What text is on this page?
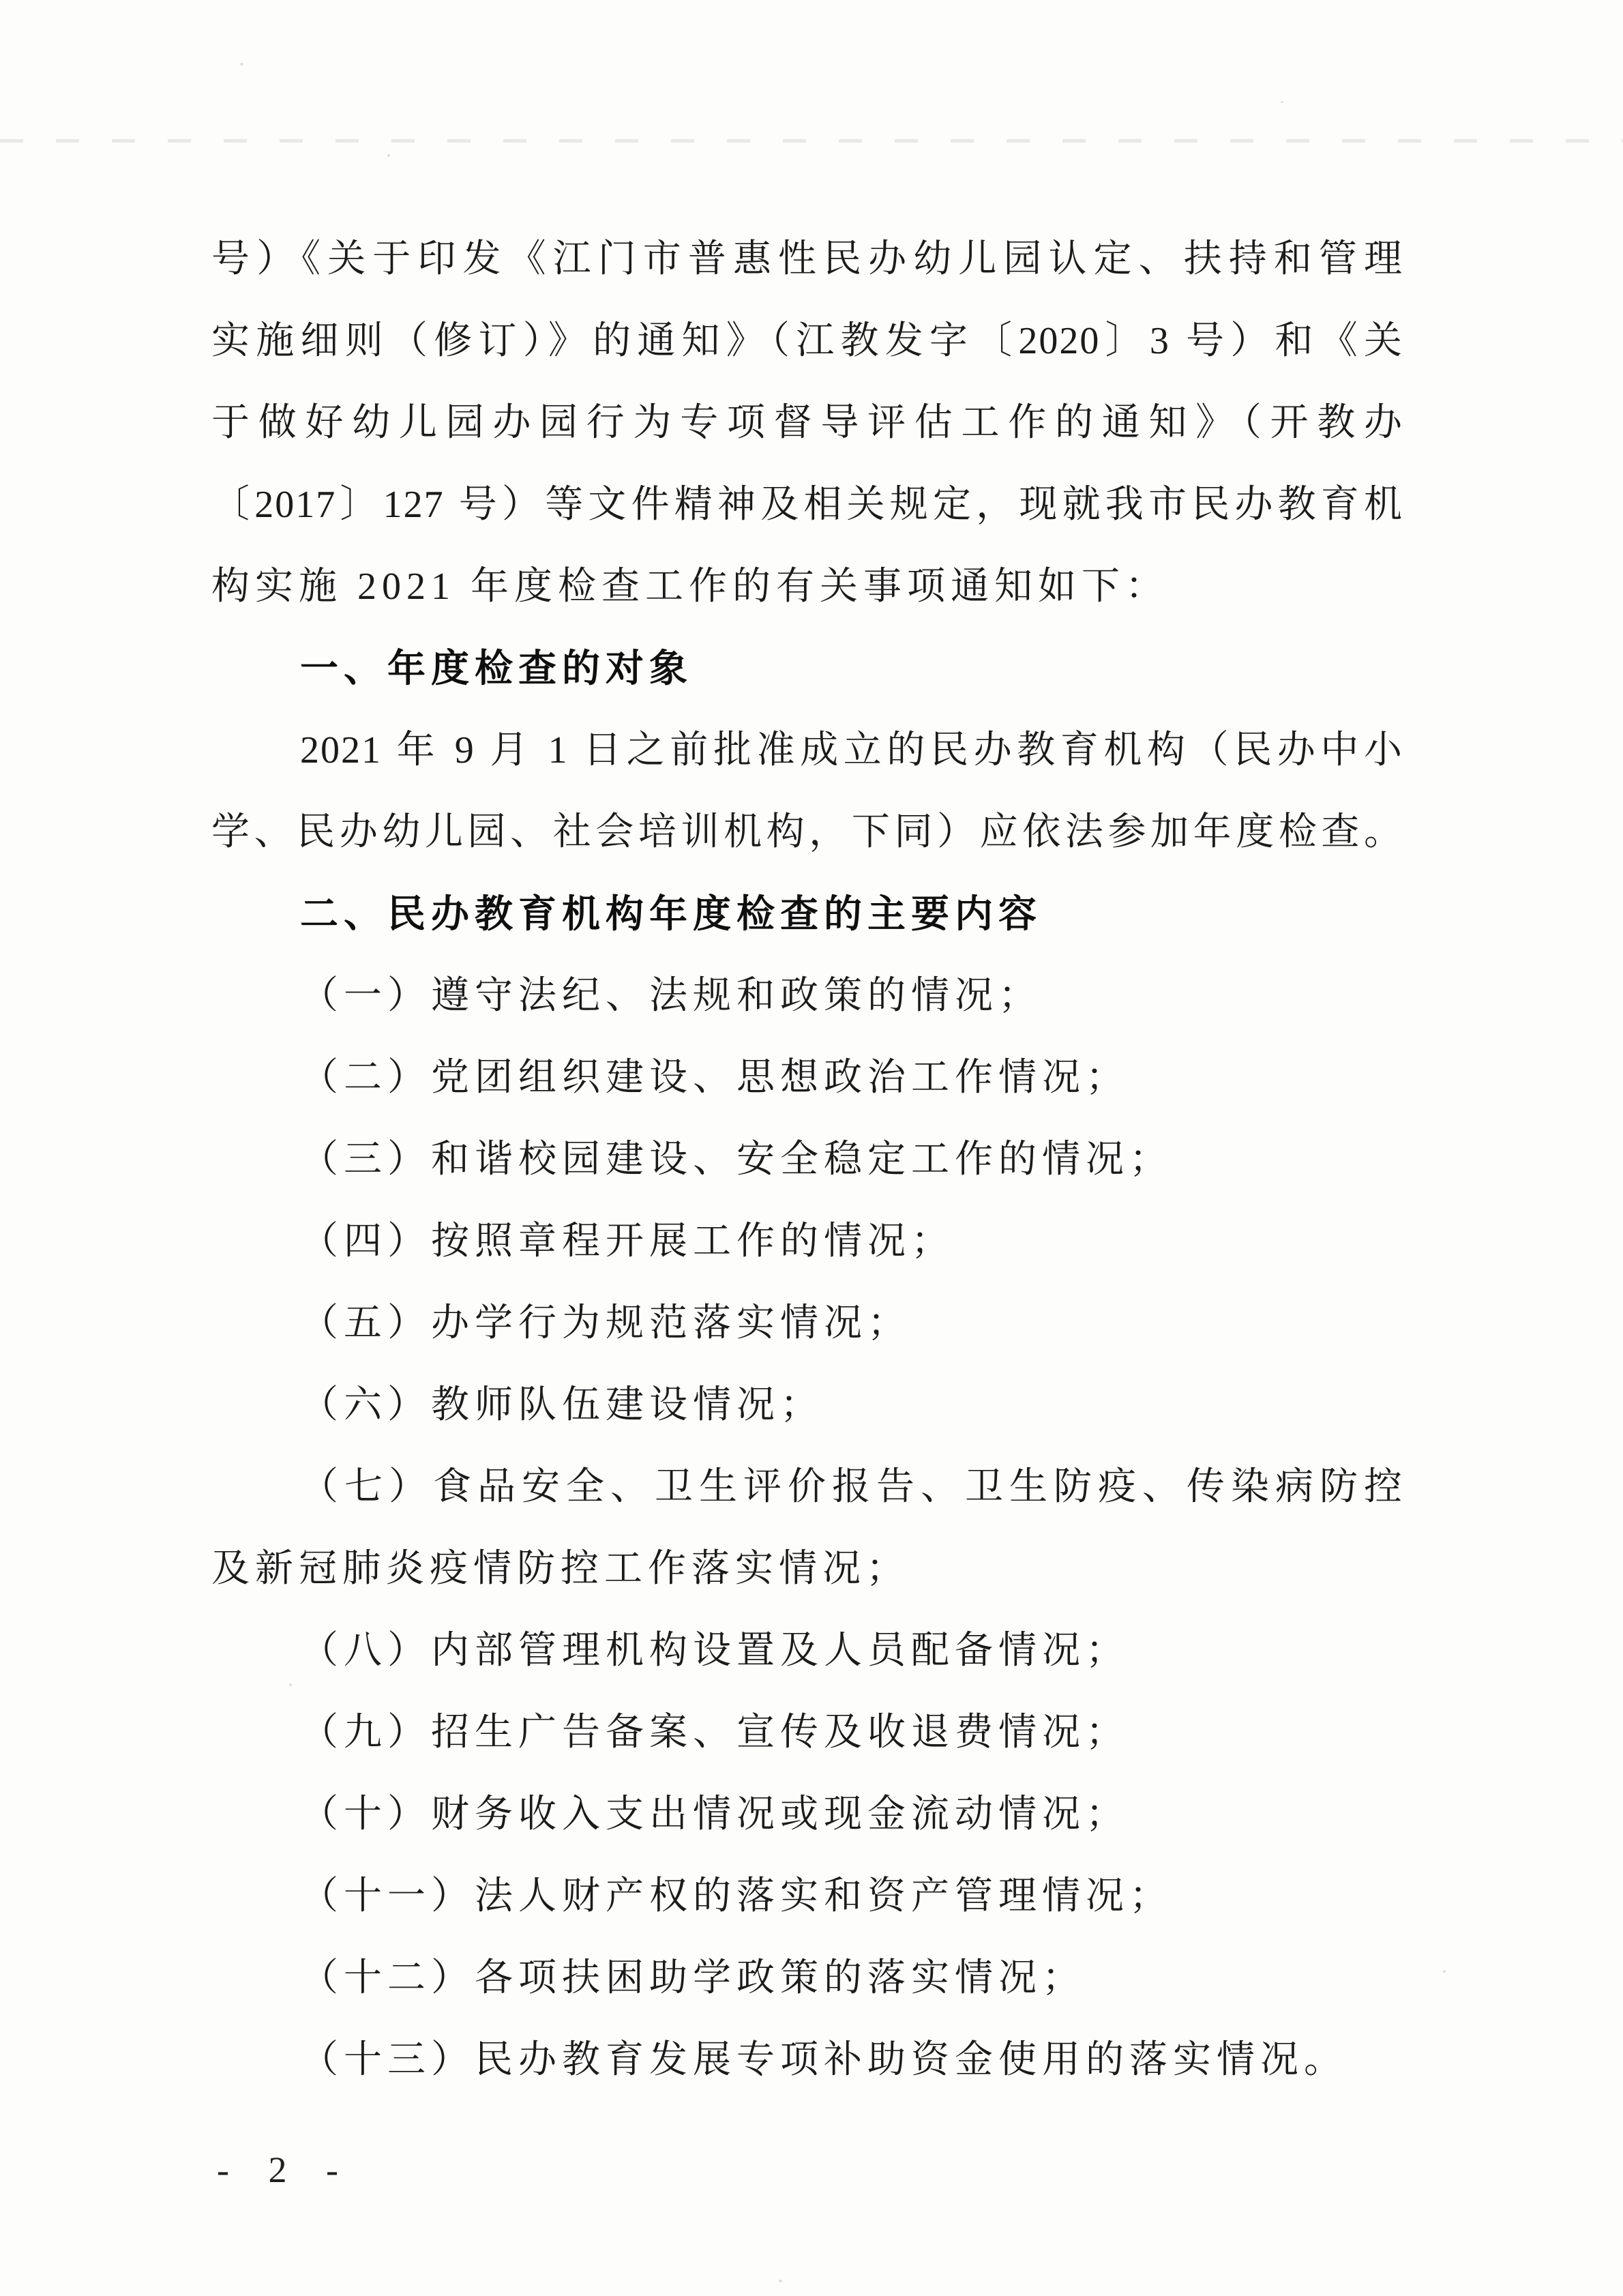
号）《关于印发《江门市普惠性民办幼儿园认定、扶持和管理
实施细则（修订）》的通知》（江教发字〔2020〕3 号）和《关
于做好幼儿园办园行为专项督导评估工作的通知》（开教办
〔2017〕127 号）等文件精神及相关规定，现就我市民办教育机
构实施 2021 年度检查工作的有关事项通知如下：
一、年度检查的对象
2021 年 9 月 1 日之前批准成立的民办教育机构（民办中小
学、民办幼儿园、社会培训机构，下同）应依法参加年度检查。
二、民办教育机构年度检查的主要内容
（一）遵守法纪、法规和政策的情况；
（二）党团组织建设、思想政治工作情况；
（三）和谐校园建设、安全稳定工作的情况；
（四）按照章程开展工作的情况；
（五）办学行为规范落实情况；
（六）教师队伍建设情况；
（七）食品安全、卫生评价报告、卫生防疫、传染病防控
及新冠肺炎疫情防控工作落实情况；
（八）内部管理机构设置及人员配备情况；
（九）招生广告备案、宣传及收退费情况；
（十）财务收入支出情况或现金流动情况；
（十一）法人财产权的落实和资产管理情况；
（十二）各项扶困助学政策的落实情况；
（十三）民办教育发展专项补助资金使用的落实情况。
- 2 -
